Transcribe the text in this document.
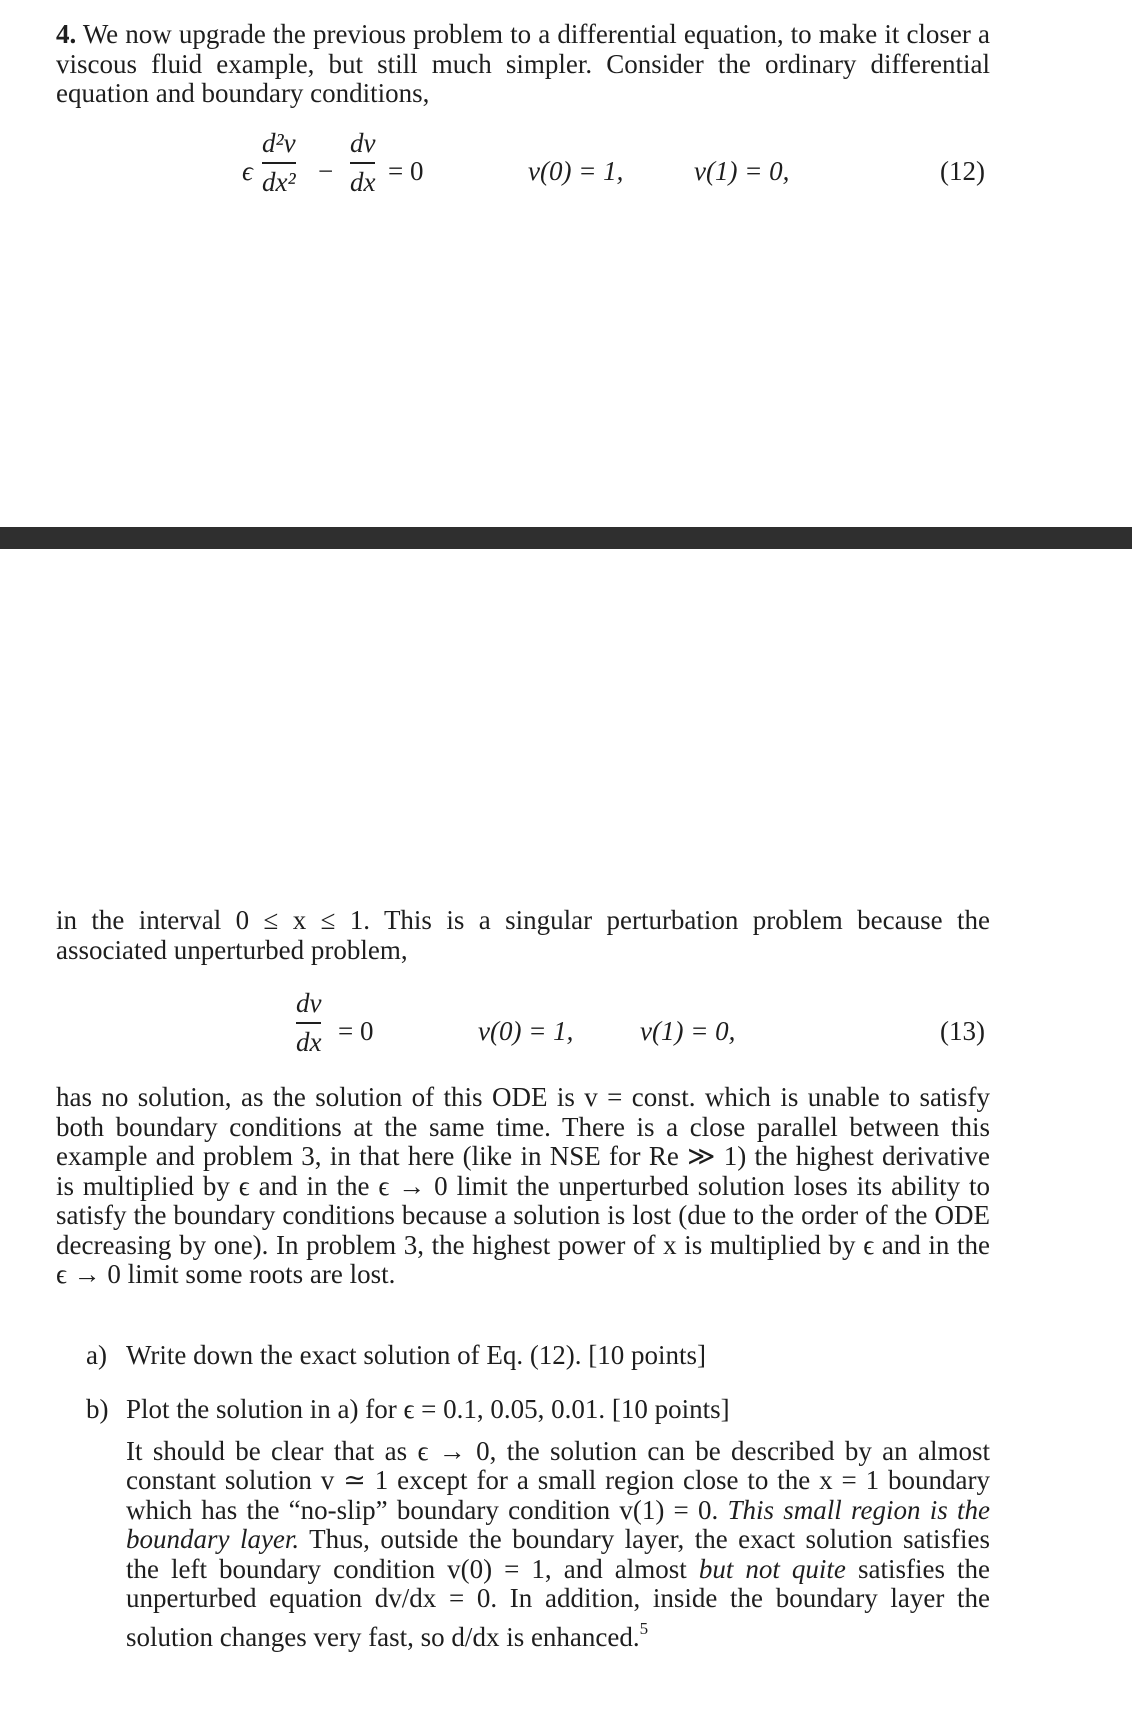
4. We now upgrade the previous problem to a differential equation, to make it closer a viscous fluid example, but still much simpler. Consider the ordinary differential equation and boundary conditions,

ϵ
d²v
dx² −
dv
dx = 0	v(0) = 1,	v(1) = 0,	(12)

in the interval 0 ≤ x ≤ 1. This is a singular perturbation problem because the associated unperturbed problem,

dv
dx = 0	v(0) = 1, v(1) = 0,	(13)

has no solution, as the solution of this ODE is v = const. which is unable to satisfy both boundary conditions at the same time. There is a close parallel between this example and problem 3, in that here (like in NSE for Re ≫ 1) the highest derivative is multiplied by ϵ and in the ϵ → 0 limit the unperturbed solution loses its ability to satisfy the boundary conditions because a solution is lost (due to the order of the ODE decreasing by one). In problem 3, the highest power of x is multiplied by ϵ and in the ϵ → 0 limit some roots are lost.

a) Write down the exact solution of Eq. (12). [10 points]
b) Plot the solution in a) for ϵ = 0.1, 0.05, 0.01. [10 points]
It should be clear that as ϵ → 0, the solution can be described by an almost constant solution v ≃ 1 except for a small region close to the x = 1 boundary which has the “no-slip” boundary condition v(1) = 0. This small region is the boundary layer. Thus, outside the boundary layer, the exact solution satisfies the left boundary condition v(0) = 1, and almost but not quite satisfies the unperturbed equation dv/dx = 0. In addition, inside the boundary layer the solution changes very fast, so d/dx is enhanced.$^5$
